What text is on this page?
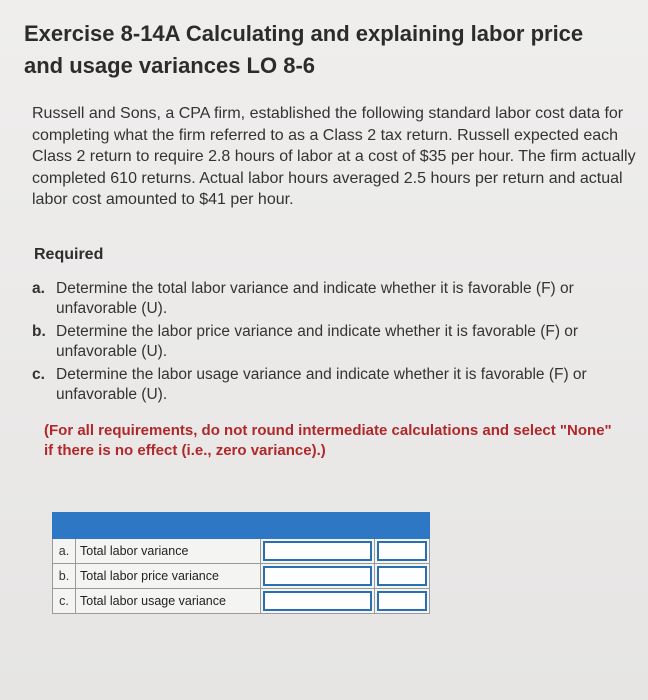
Exercise 8-14A Calculating and explaining labor price and usage variances LO 8-6
Russell and Sons, a CPA firm, established the following standard labor cost data for completing what the firm referred to as a Class 2 tax return. Russell expected each Class 2 return to require 2.8 hours of labor at a cost of $35 per hour. The firm actually completed 610 returns. Actual labor hours averaged 2.5 hours per return and actual labor cost amounted to $41 per hour.
Required
a. Determine the total labor variance and indicate whether it is favorable (F) or unfavorable (U).
b. Determine the labor price variance and indicate whether it is favorable (F) or unfavorable (U).
c. Determine the labor usage variance and indicate whether it is favorable (F) or unfavorable (U).
(For all requirements, do not round intermediate calculations and select "None" if there is no effect (i.e., zero variance).)

a.	Total labor variance	

b.	Total labor price variance	

c.	Total labor usage variance	
